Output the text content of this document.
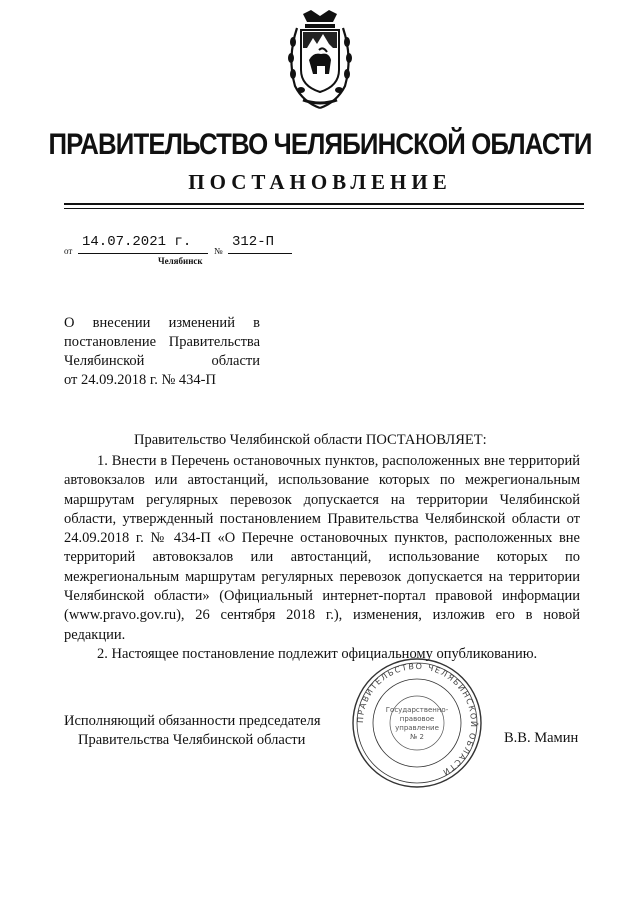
ПРАВИТЕЛЬСТВО ЧЕЛЯБИНСКОЙ ОБЛАСТИ
ПОСТАНОВЛЕНИЕ
от
14.07.2021 г.
№
312-П
Челябинск

О внесении изменений в

постановление Правительства

Челябинской области

от 24.09.2018 г. № 434-П

Правительство Челябинской области ПОСТАНОВЛЯЕТ:

1. Внести в Перечень остановочных пунктов, расположенных вне территорий автовокзалов или автостанций, использование которых по межрегиональным маршрутам регулярных перевозок допускается на территории Челябинской области, утвержденный постановлением Правительства Челябинской области от 24.09.2018 г. № 434-П «О Перечне остановочных пунктов, расположенных вне территорий автовокзалов или автостанций, использование которых по межрегиональным маршрутам регулярных перевозок допускается на территории Челябинской области» (Официальный интернет-портал правовой информации (www.pravo.gov.ru), 26 сентября 2018 г.), изменения, изложив его в новой редакции.

2. Настоящее постановление подлежит официальному опубликованию.

Исполняющий обязанности председателя
Правительства Челябинской области
ПРАВИТЕЛЬСТВО ЧЕЛЯБИНСКОЙ ОБЛАСТИ
Государственно-
правовое
управление
№ 2	В.В. Мамин
